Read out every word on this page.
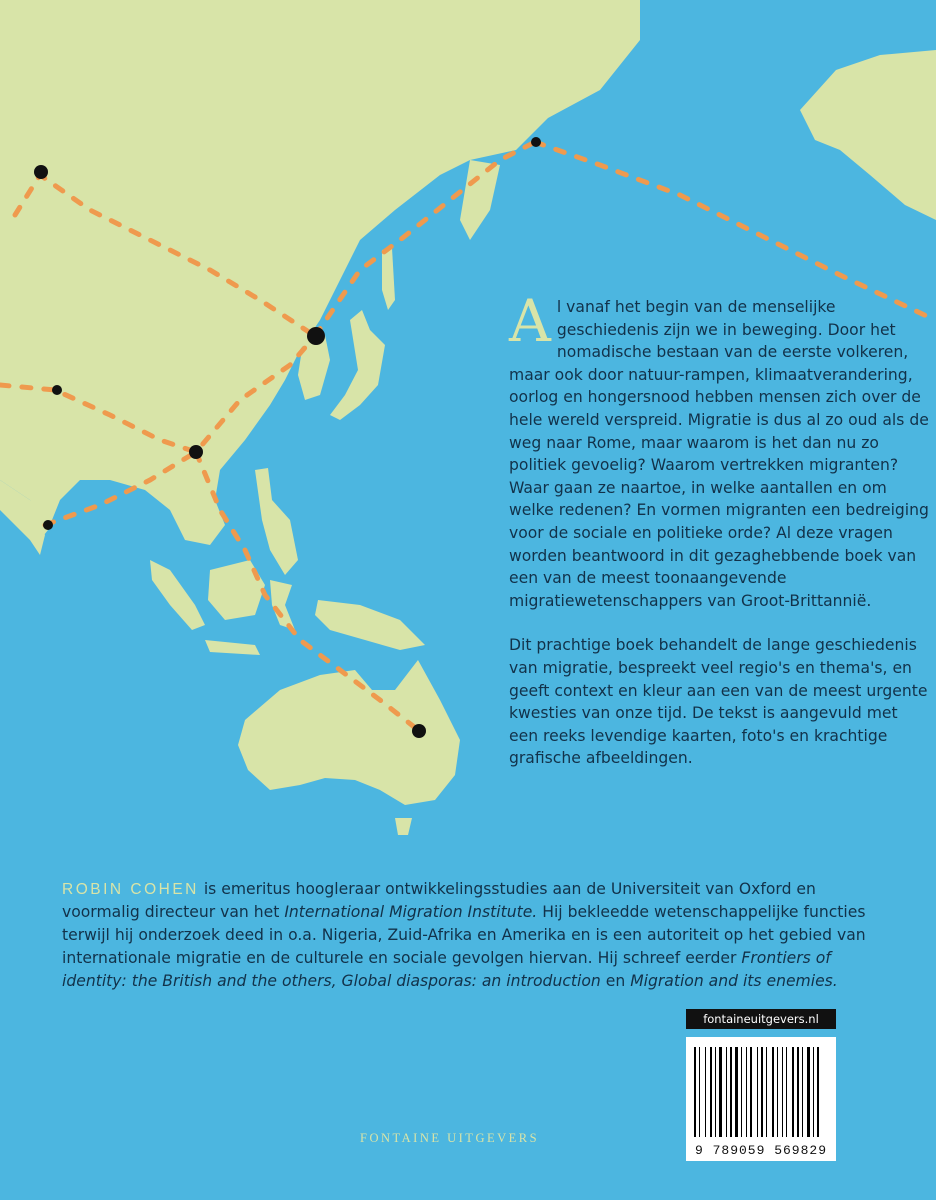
Al vanaf het begin van de menselijke geschiedenis zijn we in beweging. Door het nomadische bestaan van de eerste volkeren, maar ook door natuur-rampen, klimaatverandering, oorlog en hongersnood hebben mensen zich over de hele wereld verspreid. Migratie is dus al zo oud als de weg naar Rome, maar waarom is het dan nu zo politiek gevoelig? Waarom vertrekken migranten? Waar gaan ze naartoe, in welke aantallen en om welke redenen? En vormen migranten een bedreiging voor de sociale en politieke orde? Al deze vragen worden beantwoord in dit gezaghebbende boek van een van de meest toonaangevende migratiewetenschappers van Groot-Brittannië.

Dit prachtige boek behandelt de lange geschiedenis van migratie, bespreekt veel regio's en thema's, en geeft context en kleur aan een van de meest urgente kwesties van onze tijd. De tekst is aangevuld met een reeks levendige kaarten, foto's en krachtige grafische afbeeldingen.

ROBIN COHEN is emeritus hoogleraar ontwikkelingsstudies aan de Universiteit van Oxford en voormalig directeur van het International Migration Institute. Hij bekleedde wetenschappelijke functies terwijl hij onderzoek deed in o.a. Nigeria, Zuid-Afrika en Amerika en is een autoriteit op het gebied van internationale migratie en de culturele en sociale gevolgen hiervan. Hij schreef eerder Frontiers of identity: the British and the others, Global diasporas: an introduction en Migration and its enemies.
FONTAINE UITGEVERS
fontaineuitgevers.nl
9 789059 569829
